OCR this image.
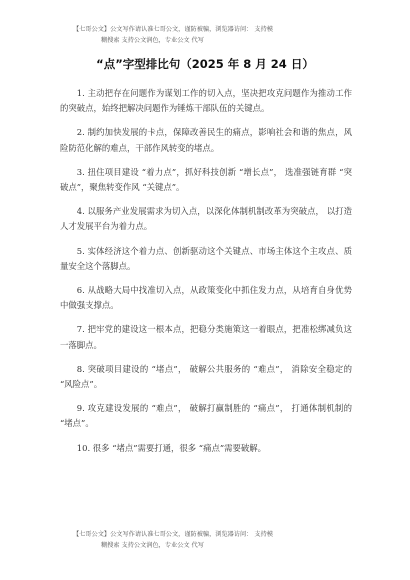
【七哥公文】公文写作请认准七哥公文，谨防被骗，浏览器访问： 支持模
糊搜索 支持公文润色，专业公文 代写
“点”字型排比句（2025 年 8 月 24 日）

1. 主动把存在问题作为谋划工作的切入点，坚决把攻克问题作为推动工作的突破点，始终把解决问题作为锤炼干部队伍的关键点。

2. 制约加快发展的卡点，保障改善民生的痛点，影响社会和谐的焦点，风险防范化解的难点，干部作风转变的堵点。

3. 扭住项目建设 “着力点”，抓好科技创新 “增长点”， 选准强链育群 “突破点”，聚焦转变作风 “关键点”。

4. 以服务产业发展需求为切入点，以深化体制机制改革为突破点， 以打造人才发展平台为着力点。

5. 实体经济这个着力点、创新驱动这个关键点、市场主体这个主攻点、质量安全这个落脚点。

6. 从战略大局中找准切入点，从政策变化中抓住发力点，从培育自身优势中做强支撑点。

7. 把牢党的建设这一根本点，把稳分类施策这一着眼点，把准松绑减负这一落脚点。

8. 突破项目建设的 “堵点”， 破解公共服务的 “难点”， 消除安全稳定的 “风险点”。

9. 攻克建设发展的 “难点”， 破解打赢制胜的 “痛点”， 打通体制机制的 “堵点”。

10. 很多 “堵点”需要打通，很多 “痛点”需要破解。

【七哥公文】公文写作请认准七哥公文，谨防被骗，浏览器访问： 支持模
糊搜索 支持公文润色，专业公文 代写
